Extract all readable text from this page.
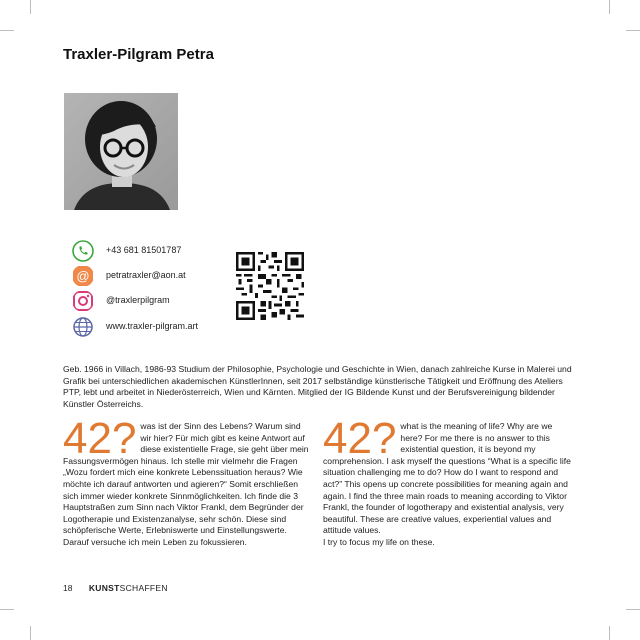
Traxler-Pilgram Petra
+43 681 81501787
@ petratraxler@aon.at
@traxlerpilgram
www.traxler-pilgram.art

Geb. 1966 in Villach, 1986-93 Studium der Philosophie, Psychologie und Geschichte in Wien, danach zahlreiche Kurse in Malerei und Grafik bei unterschiedlichen akademischen KünstlerInnen, seit 2017 selbständige künstlerische Tätigkeit und Eröffnung des Ateliers PTP, lebt und arbeitet in Niederösterreich, Wien und Kärnten. Mitglied der IG Bildende Kunst und der Berufsvereinigung bildender Künstler Österreichs.

42? was ist der Sinn des Lebens? Warum sind wir hier? Für mich gibt es keine Antwort auf diese existentielle Frage, sie geht über mein Fassungsvermögen hinaus. Ich stelle mir vielmehr die Fragen „Wozu fordert mich eine konkrete Lebenssituation heraus? Wie möchte ich darauf antworten und agieren?“ Somit erschließen sich immer wieder konkrete Sinnmöglichkeiten. Ich finde die 3 Hauptstraßen zum Sinn nach Viktor Frankl, dem Begründer der Logotherapie und Existenzanalyse, sehr schön. Diese sind schöpferische Werte, Erlebniswerte und Einstellungswerte. Darauf versuche ich mein Leben zu fokussieren.

42? what is the meaning of life? Why are we here? For me there is no answer to this existential question, it is beyond my comprehension. I ask myself the questions “What is a specific life situation challenging me to do? How do I want to respond and act?” This opens up concrete possibilities for meaning again and again. I find the three main roads to meaning according to Viktor Frankl, the founder of logotherapy and existential analysis, very beautiful. These are creative values, experiential values and attitude values.

I try to focus my life on these.

18 KUNSTSCHAFFEN
